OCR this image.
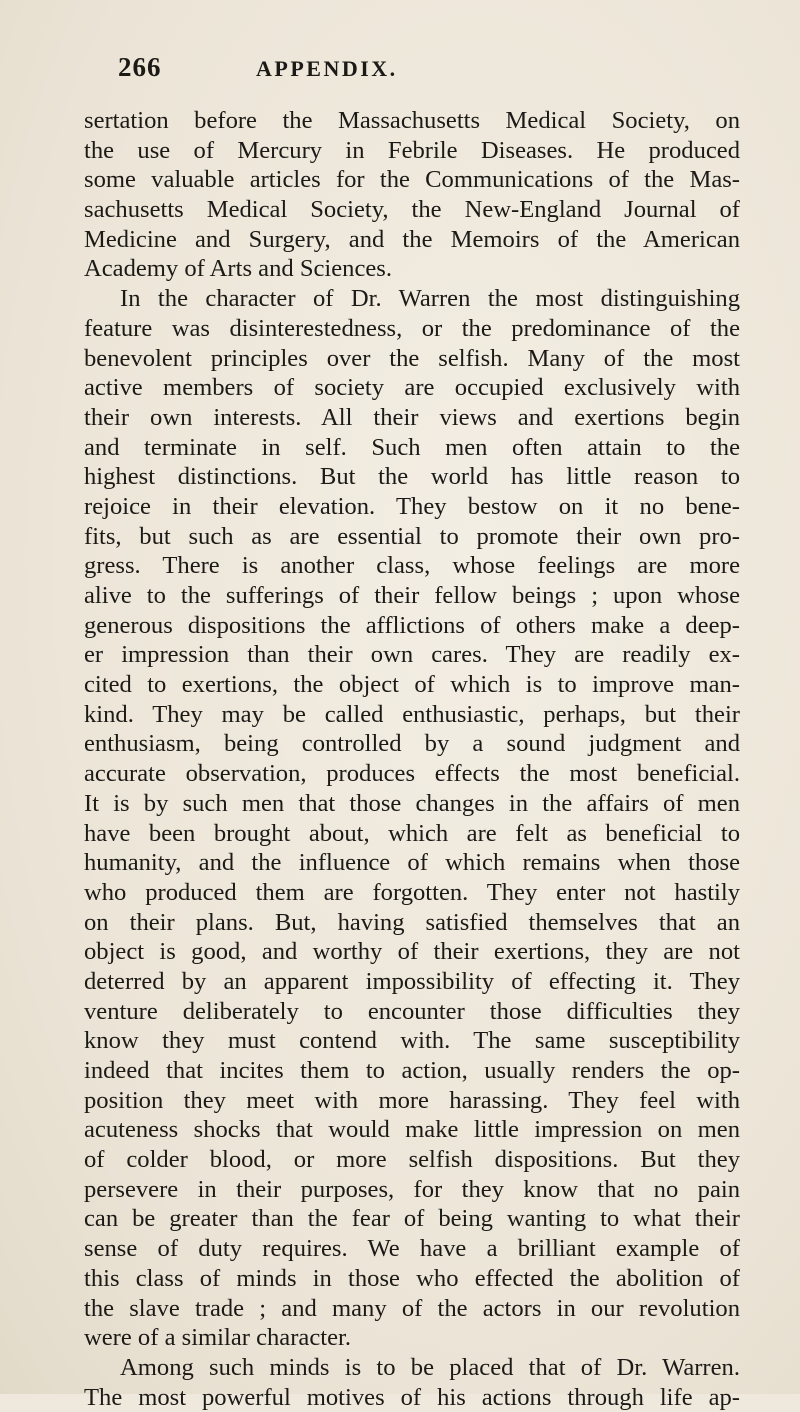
266	APPENDIX.
sertation before the Massachusetts Medical Society, on
the use of Mercury in Febrile Diseases. He produced
some valuable articles for the Communications of the Mas-
sachusetts Medical Society, the New-England Journal of
Medicine and Surgery, and the Memoirs of the American
Academy of Arts and Sciences.
In the character of Dr. Warren the most distinguishing
feature was disinterestedness, or the predominance of the
benevolent principles over the selfish. Many of the most
active members of society are occupied exclusively with
their own interests. All their views and exertions begin
and terminate in self. Such men often attain to the
highest distinctions. But the world has little reason to
rejoice in their elevation. They bestow on it no bene-
fits, but such as are essential to promote their own pro-
gress. There is another class, whose feelings are more
alive to the sufferings of their fellow beings ; upon whose
generous dispositions the afflictions of others make a deep-
er impression than their own cares. They are readily ex-
cited to exertions, the object of which is to improve man-
kind. They may be called enthusiastic, perhaps, but their
enthusiasm, being controlled by a sound judgment and
accurate observation, produces effects the most beneficial.
It is by such men that those changes in the affairs of men
have been brought about, which are felt as beneficial to
humanity, and the influence of which remains when those
who produced them are forgotten. They enter not hastily
on their plans. But, having satisfied themselves that an
object is good, and worthy of their exertions, they are not
deterred by an apparent impossibility of effecting it. They
venture deliberately to encounter those difficulties they
know they must contend with. The same susceptibility
indeed that incites them to action, usually renders the op-
position they meet with more harassing. They feel with
acuteness shocks that would make little impression on men
of colder blood, or more selfish dispositions. But they
persevere in their purposes, for they know that no pain
can be greater than the fear of being wanting to what their
sense of duty requires. We have a brilliant example of
this class of minds in those who effected the abolition of
the slave trade ; and many of the actors in our revolution
were of a similar character.
Among such minds is to be placed that of Dr. Warren.
The most powerful motives of his actions through life ap-
